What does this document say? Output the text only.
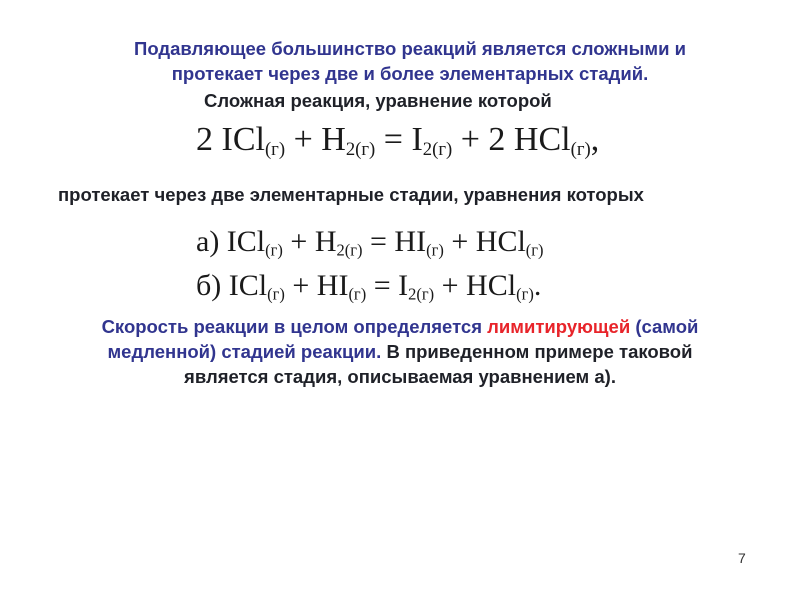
Подавляющее большинство реакций является сложными и
протекает через две и более элементарных стадий.
Сложная реакция, уравнение которой
2 $ICl_{(г)} + H_{2(г)} = I_{2(г)} + 2$ HCl$_{(г)}$,
протекает через две элементарные стадии, уравнения которых
а) $ICl_{(г)} + H_{2(г)} = HI_{(г)} + HCl_{(г)}$
б) $ICl_{(г)} + HI_{(г)} = I_{2(г)} + HCl_{(г)}$.
Скорость реакции в целом определяется лимитирующей (самой
медленной) стадией реакции. В приведенном примере таковой
является стадия, описываемая уравнением а).
7
